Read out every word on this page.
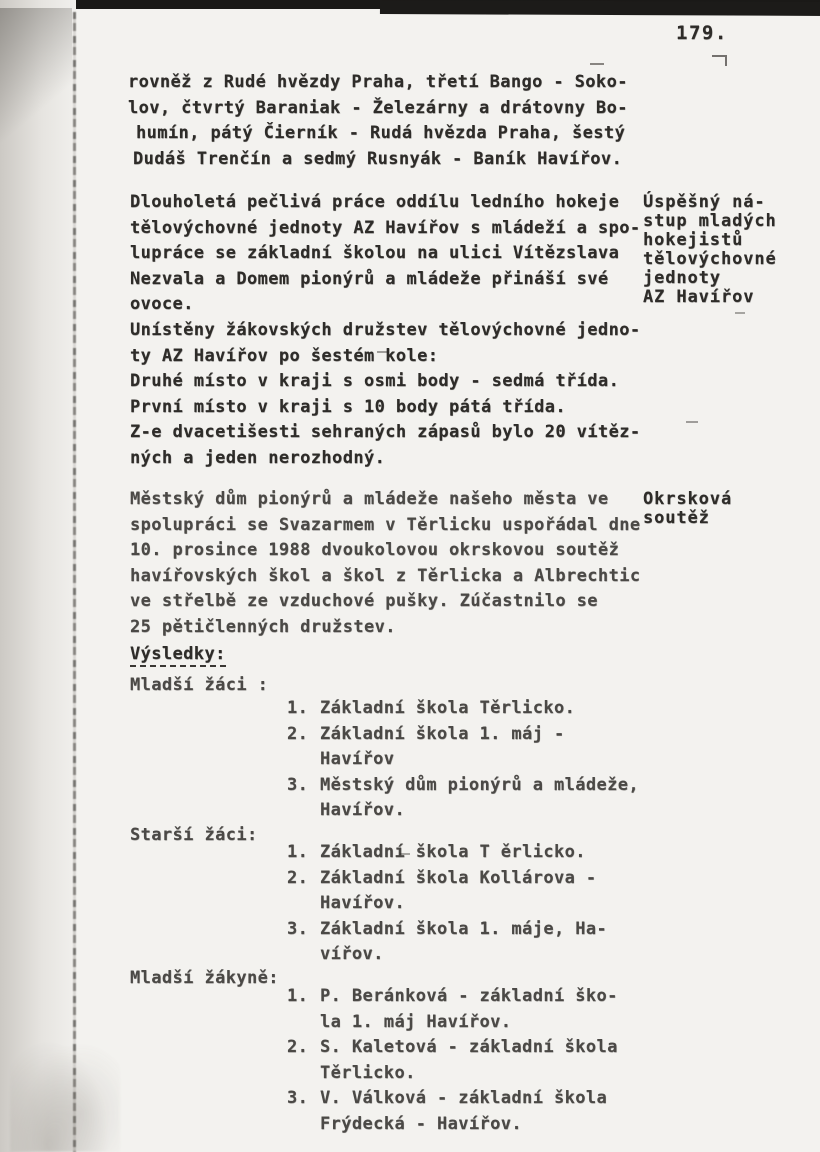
179.
rovněž z Rudé hvězdy Praha, třetí Bango - Soko-
lov, čtvrtý Baraniak - Železárny a drátovny Bo-
humín, pátý Čierník - Rudá hvězda Praha, šestý
Dudáš Trenčín a sedmý Rusnyák - Baník Havířov.
Dlouholetá pečlivá práce oddílu ledního hokeje
tělovýchovné jednoty AZ Havířov s mládeží a spo-
lupráce se základní školou na ulici Vítězslava
Nezvala a Domem pionýrů a mládeže přináší své
ovoce.
Unístěny žákovských družstev tělovýchovné jedno-
ty AZ Havířov po šestém kole:
Druhé místo v kraji s osmi body - sedmá třída.
První místo v kraji s 10 body pátá třída.
Z-e dvacetišesti sehraných zápasů bylo 20 vítěz-
ných a jeden nerozhodný.
Úspěšný ná-
stup mladých
hokejistů
tělovýchovné
jednoty
AZ Havířov
Městský dům pionýrů a mládeže našeho města ve
spolupráci se Svazarmem v Těrlicku uspořádal dne
10. prosince 1988 dvoukolovou okrskovou soutěž
havířovských škol a škol z Těrlicka a Albrechtic
ve střelbě ze vzduchové pušky. Zúčastnilo se
25 pětičlenných družstev.
Okrsková
soutěž
Výsledky:
Mladší žáci :
1. Základní škola Těrlicko.
2. Základní škola 1. máj -
Havířov
3. Městský dům pionýrů a mládeže,
Havířov.
Starší žáci:
1. Základní škola T ěrlicko.
2. Základní škola Kollárova -
Havířov.
3. Základní škola 1. máje, Ha-
vířov.
Mladší žákyně:
1. P. Beránková - základní ško-
la 1. máj Havířov.
2. S. Kaletová - základní škola
Těrlicko.
3. V. Válková - základní škola
Frýdecká - Havířov.
